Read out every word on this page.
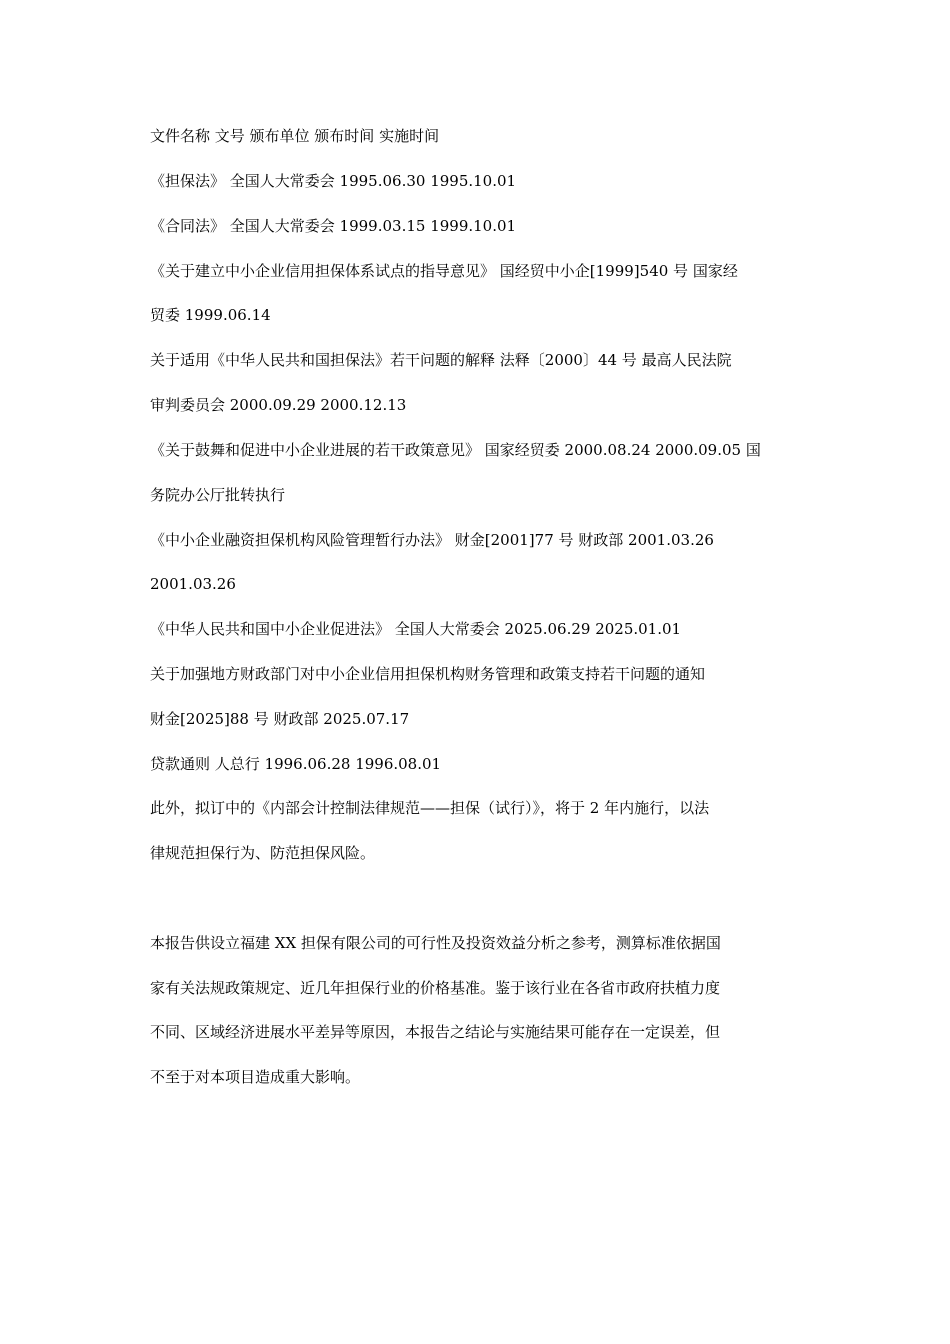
文件名称 文号 颁布单位 颁布时间 实施时间
《担保法》 全国人大常委会 1995.06.30 1995.10.01
《合同法》 全国人大常委会 1999.03.15 1999.10.01
《关于建立中小企业信用担保体系试点的指导意见》 国经贸中小企[1999]540 号 国家经
贸委 1999.06.14
关于适用《中华人民共和国担保法》若干问题的解释 法释〔2000〕44 号 最高人民法院
审判委员会 2000.09.29 2000.12.13
《关于鼓舞和促进中小企业进展的若干政策意见》 国家经贸委 2000.08.24 2000.09.05 国
务院办公厅批转执行
《中小企业融资担保机构风险管理暂行办法》 财金[2001]77 号 财政部 2001.03.26
2001.03.26
《中华人民共和国中小企业促进法》 全国人大常委会 2025.06.29 2025.01.01
关于加强地方财政部门对中小企业信用担保机构财务管理和政策支持若干问题的通知
财金[2025]88 号 财政部 2025.07.17
贷款通则 人总行 1996.06.28 1996.08.01
此外，拟订中的《内部会计控制法律规范——担保（试行）》，将于 2 年内施行，以法
律规范担保行为、防范担保风险。
本报告供设立福建 XX 担保有限公司的可行性及投资效益分析之参考，测算标准依据国
家有关法规政策规定、近几年担保行业的价格基准。鉴于该行业在各省市政府扶植力度
不同、区域经济进展水平差异等原因，本报告之结论与实施结果可能存在一定误差，但
不至于对本项目造成重大影响。
